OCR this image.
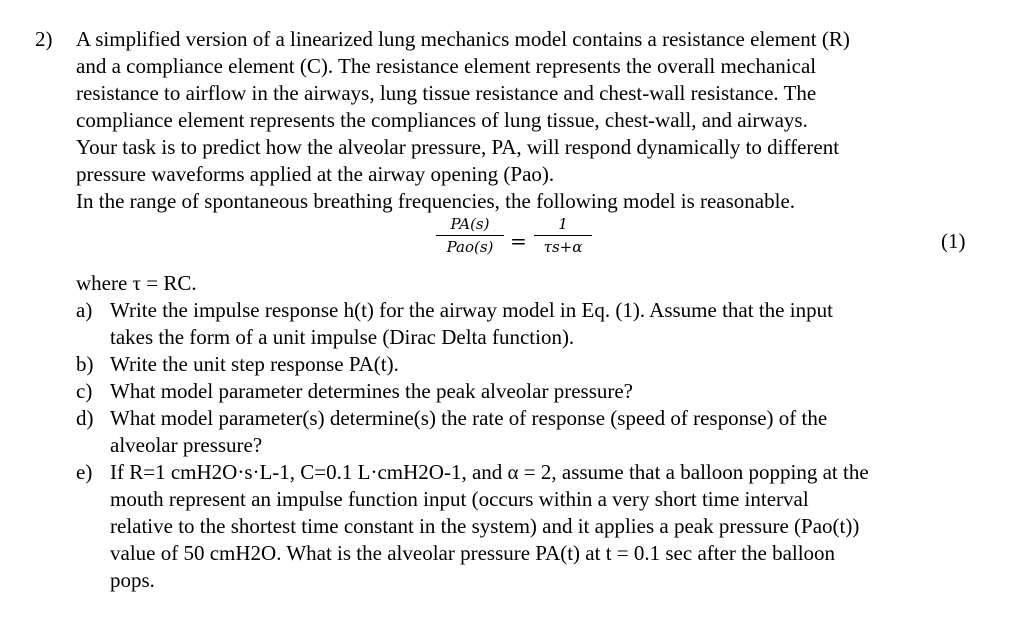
2) A simplified version of a linearized lung mechanics model contains a resistance element (R)

and a compliance element (C). The resistance element represents the overall mechanical

resistance to airflow in the airways, lung tissue resistance and chest-wall resistance. The

compliance element represents the compliances of lung tissue, chest-wall, and airways.

Your task is to predict how the alveolar pressure, PA, will respond dynamically to different

pressure waveforms applied at the airway opening (Pao).

In the range of spontaneous breathing frequencies, the following model is reasonable.

PA(s)
Pao(s) =
1
τs+α	(1)
where τ = RC.
a) Write the impulse response h(t) for the airway model in Eq. (1). Assume that the input
takes the form of a unit impulse (Dirac Delta function).
b) Write the unit step response PA(t).
c) What model parameter determines the peak alveolar pressure?
d) What model parameter(s) determine(s) the rate of response (speed of response) of the
alveolar pressure?
e) If R=1 cmH2O·s·L-1, C=0.1 L·cmH2O-1, and α = 2, assume that a balloon popping at the
mouth represent an impulse function input (occurs within a very short time interval
relative to the shortest time constant in the system) and it applies a peak pressure (Pao(t))
value of 50 cmH2O. What is the alveolar pressure PA(t) at t = 0.1 sec after the balloon
pops.
